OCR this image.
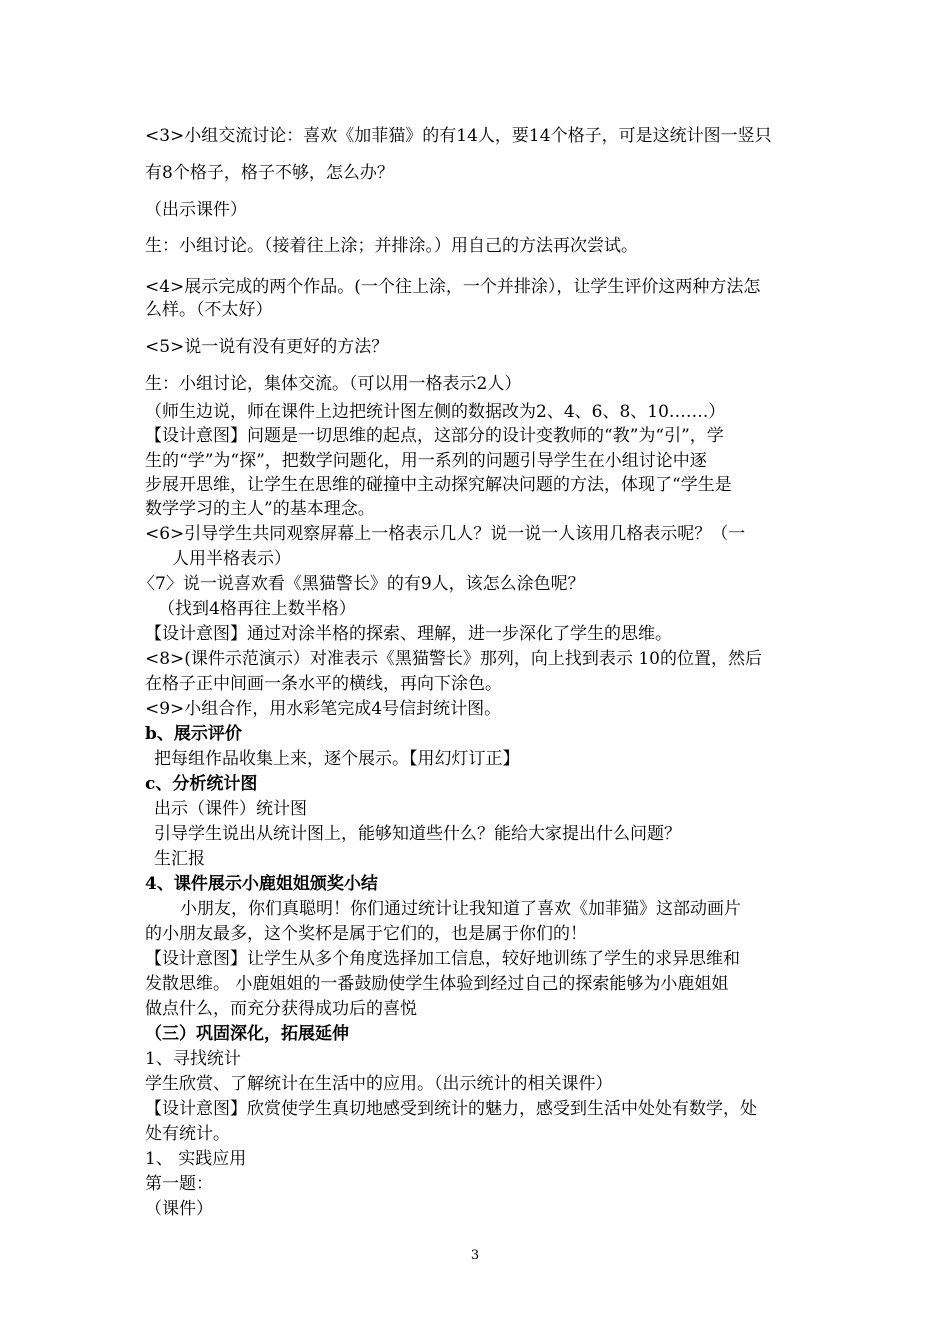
<3>小组交流讨论：喜欢《加菲猫》的有14人，要14个格子，可是这统计图一竖只
有8个格子，格子不够，怎么办？
（出示课件）
生：小组讨论。（接着往上涂；并排涂。）用自己的方法再次尝试。
<4>展示完成的两个作品。(一个往上涂，一个并排涂），让学生评价这两种方法怎
么样。（不太好）
<5>说一说有没有更好的方法？
生：小组讨论，集体交流。（可以用一格表示2人）
（师生边说，师在课件上边把统计图左侧的数据改为2、4、6、8、10…….）
【设计意图】问题是一切思维的起点，这部分的设计变教师的“教”为“引”，学
生的“学”为“探”，把数学问题化，用一系列的问题引导学生在小组讨论中逐
步展开思维，让学生在思维的碰撞中主动探究解决问题的方法，体现了“学生是
数学学习的主人”的基本理念。
<6>引导学生共同观察屏幕上一格表示几人？说一说一人该用几格表示呢？（一
人用半格表示）
〈7〉说一说喜欢看《黑猫警长》的有9人，该怎么涂色呢？
（找到4格再往上数半格）
【设计意图】通过对涂半格的探索、理解，进一步深化了学生的思维。
<8>(课件示范演示）对准表示《黑猫警长》那列，向上找到表示 10的位置，然后
在格子正中间画一条水平的横线，再向下涂色。
<9>小组合作，用水彩笔完成4号信封统计图。
b、展示评价
把每组作品收集上来，逐个展示。【用幻灯订正】
c、分析统计图
出示（课件）统计图
引导学生说出从统计图上，能够知道些什么？能给大家提出什么问题？
生汇报
4、课件展示小鹿姐姐颁奖小结
小朋友，你们真聪明！你们通过统计让我知道了喜欢《加菲猫》这部动画片
的小朋友最多，这个奖杯是属于它们的，也是属于你们的！
【设计意图】让学生从多个角度选择加工信息，较好地训练了学生的求异思维和
发散思维。 小鹿姐姐的一番鼓励使学生体验到经过自己的探索能够为小鹿姐姐
做点什么，而充分获得成功后的喜悦
（三）巩固深化，拓展延伸
1、寻找统计
学生欣赏、了解统计在生活中的应用。（出示统计的相关课件）
【设计意图】欣赏使学生真切地感受到统计的魅力，感受到生活中处处有数学，处
处有统计。
1、 实践应用
第一题：
（课件）
3
